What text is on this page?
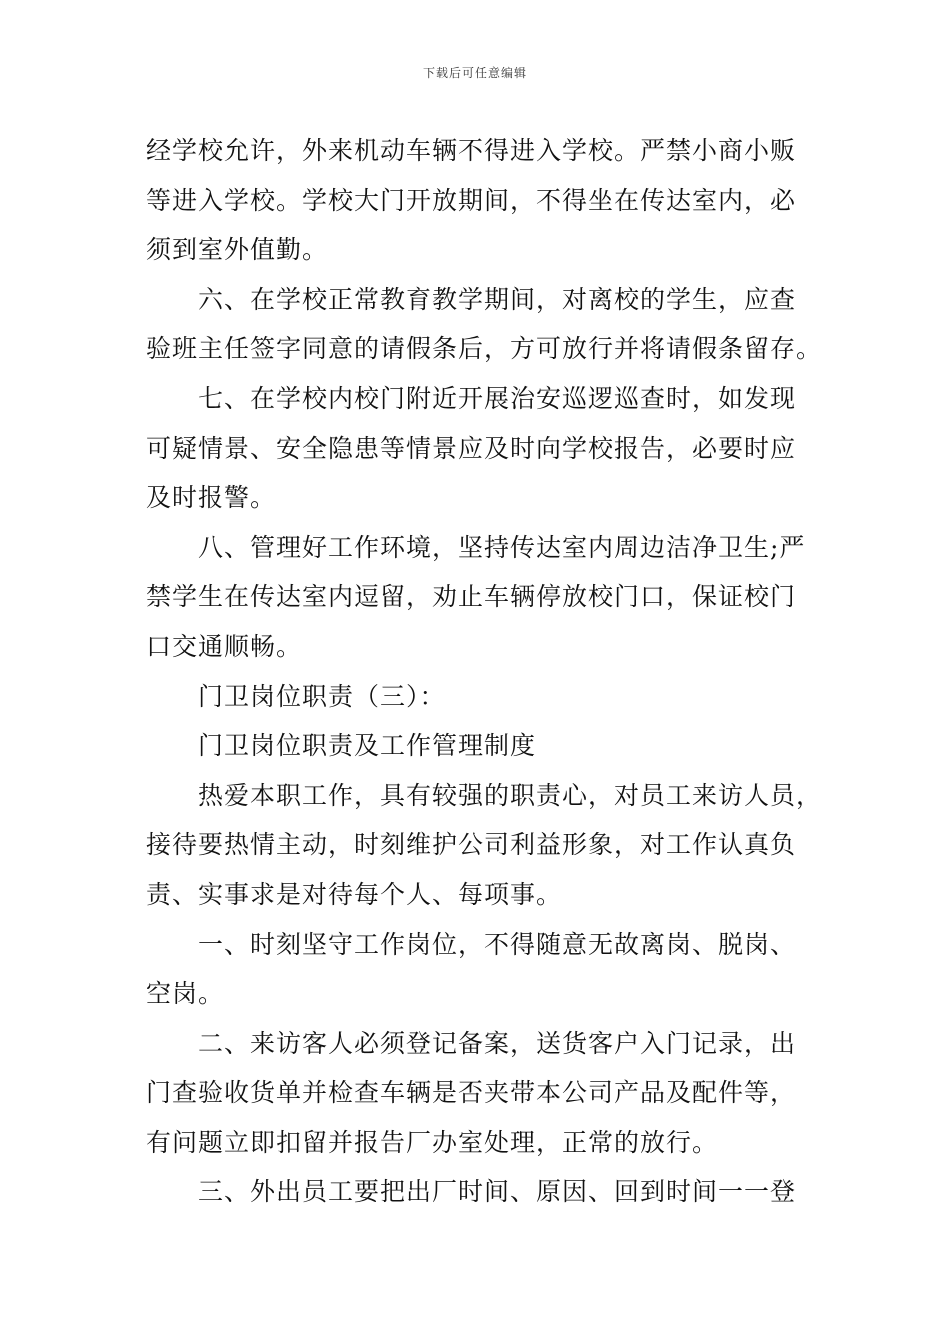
下载后可任意编辑
经学校允许，外来机动车辆不得进入学校。严禁小商小贩
等进入学校。学校大门开放期间，不得坐在传达室内，必
须到室外值勤。
六、在学校正常教育教学期间，对离校的学生，应查
验班主任签字同意的请假条后，方可放行并将请假条留存。
七、在学校内校门附近开展治安巡逻巡查时，如发现
可疑情景、安全隐患等情景应及时向学校报告，必要时应
及时报警。
八、管理好工作环境，坚持传达室内周边洁净卫生;严
禁学生在传达室内逗留，劝止车辆停放校门口，保证校门
口交通顺畅。
门卫岗位职责（三）：
门卫岗位职责及工作管理制度
热爱本职工作，具有较强的职责心，对员工来访人员，
接待要热情主动，时刻维护公司利益形象，对工作认真负
责、实事求是对待每个人、每项事。
一、时刻坚守工作岗位，不得随意无故离岗、脱岗、
空岗。
二、来访客人必须登记备案，送货客户入门记录，出
门查验收货单并检查车辆是否夹带本公司产品及配件等，
有问题立即扣留并报告厂办室处理，正常的放行。
三、外出员工要把出厂时间、原因、回到时间一一登
